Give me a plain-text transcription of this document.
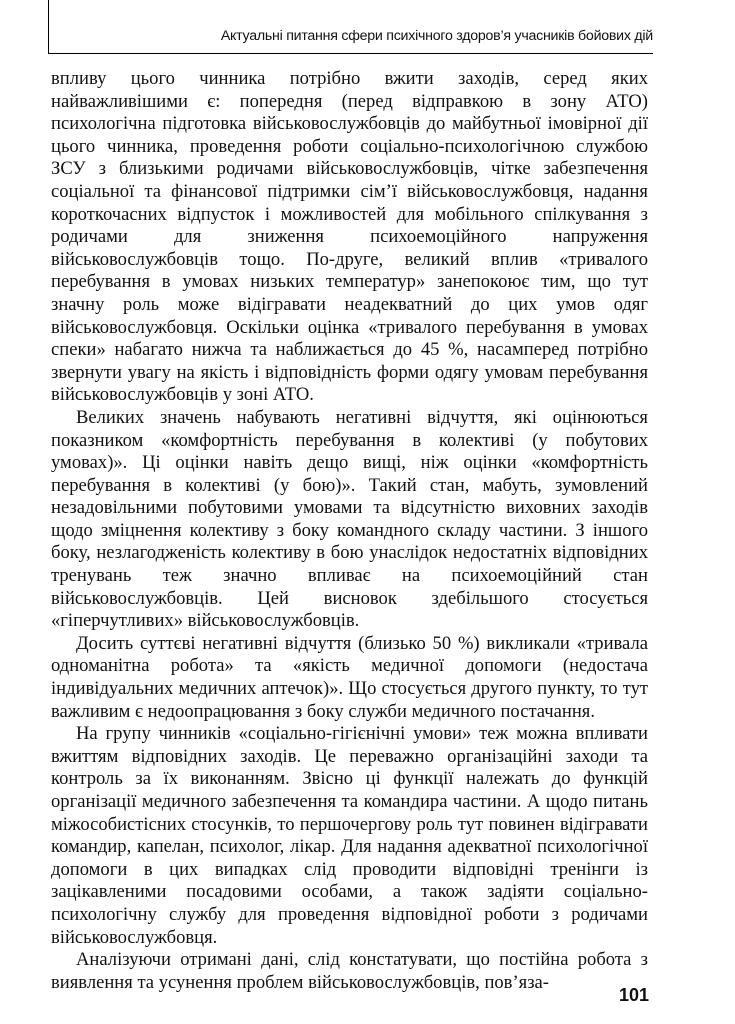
Актуальні питання сфери психічного здоров’я учасників бойових дій

впливу цього чинника потрібно вжити заходів, серед яких найважливішими є: попередня (перед відправкою в зону АТО) психологічна підготовка військовослужбовців до майбутньої імовірної дії цього чинника, проведення роботи соціально-психологічною службою ЗСУ з близькими родичами військовослужбовців, чітке забезпечення соціальної та фінансової підтримки сім’ї військовослужбовця, надання короткочасних відпусток і можливостей для мобільного спілкування з родичами для зниження психоемоційного напруження військовослужбовців тощо. По-друге, великий вплив «тривалого перебування в умовах низьких температур» занепокоює тим, що тут значну роль може відігравати неадекватний до цих умов одяг військовослужбовця. Оскільки оцінка «тривалого перебування в умовах спеки» набагато нижча та наближається до 45 %, насамперед потрібно звернути увагу на якість і відповідність форми одягу умовам перебування військовослужбовців у зоні АТО.

Великих значень набувають негативні відчуття, які оцінюються показником «комфортність перебування в колективі (у побутових умовах)». Ці оцінки навіть дещо вищі, ніж оцінки «комфортність перебування в колективі (у бою)». Такий стан, мабуть, зумовлений незадовільними побутовими умовами та відсутністю виховних заходів щодо зміцнення колективу з боку командного складу частини. З іншого боку, незлагодженість колективу в бою унаслідок недостатніх відповідних тренувань теж значно впливає на психоемоційний стан військовослужбовців. Цей висновок здебільшого стосується «гіперчутливих» військовослужбовців.

Досить суттєві негативні відчуття (близько 50 %) викликали «тривала одноманітна робота» та «якість медичної допомоги (недостача індивідуальних медичних аптечок)». Що стосується другого пункту, то тут важливим є недоопрацювання з боку служби медичного постачання.

На групу чинників «соціально-гігієнічні умови» теж можна впливати вжиттям відповідних заходів. Це переважно організаційні заходи та контроль за їх виконанням. Звісно ці функції належать до функцій організації медичного забезпечення та командира частини. А щодо питань міжособистісних стосунків, то першочергову роль тут повинен відігравати командир, капелан, психолог, лікар. Для надання адекватної психологічної допомоги в цих випадках слід проводити відповідні тренінги із зацікавленими посадовими особами, а також задіяти соціально-психологічну службу для проведення відповідної роботи з родичами військовослужбовця.

Аналізуючи отримані дані, слід констатувати, що постійна робота з виявлення та усунення проблем військовослужбовців, пов’яза-

101
